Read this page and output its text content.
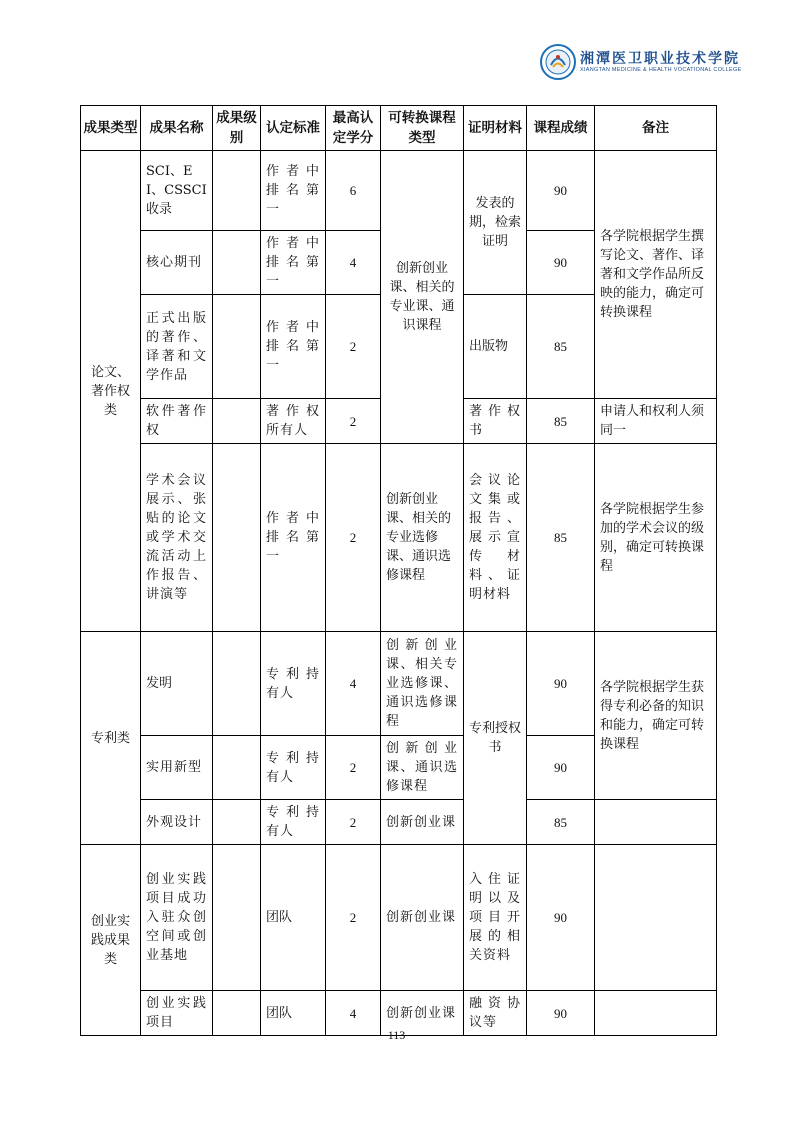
湘潭医卫职业技术学院
XIANGTAN MEDICINE & HEALTH VOCATIONAL COLLEGE
成果类型	成果名称	成果级别	认定标准	最高认定学分	可转换课程类型	证明材料	课程成绩	备注
论文、著作权类	SCI、EI、CSSCI收录		作者中排名第一	6	创新创业课、相关的专业课、通识课程	发表的期，检索证明	90	各学院根据学生撰写论文、著作、译著和文学作品所反映的能力，确定可转换课程
	核心期刊		作者中排名第一	4			90	
	正式出版的著作、译著和文学作品		作者中排名第一	2		出版物	85	
	软件著作权		著作权所有人	2		著作权书	85	申请人和权利人须同一
	学术会议展示、张贴的论文或学术交流活动上作报告、讲演等		作者中排名第一	2	创新创业课、相关的专业选修课、通识选修课程	会议论文集或报告、展示宣传材料、证明材料	85	各学院根据学生参加的学术会议的级别，确定可转换课程
专利类	发明		专利持有人	4	创新创业课、相关专业选修课、通识选修课程	专利授权书	90	各学院根据学生获得专利必备的知识和能力，确定可转换课程
	实用新型		专利持有人	2	创新创业课、通识选修课程		90	
	外观设计		专利持有人	2	创新创业课		85	
创业实践成果类	创业实践项目成功入驻众创空间或创业基地		团队	2	创新创业课	入住证明以及项目开展的相关资料	90	
	创业实践项目		团队	4	创新创业课	融资协议等	90	
113
